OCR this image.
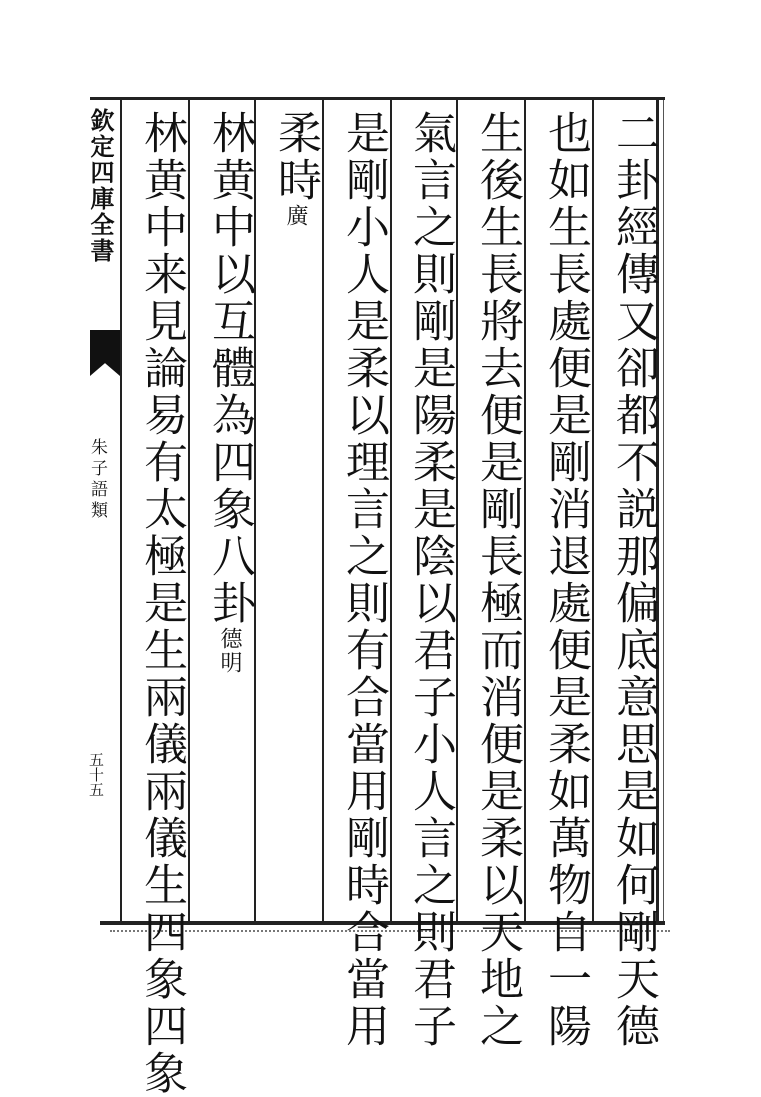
欽定四庫全書
朱子語類
五十五	二卦經傳又卻都不説那偏底意思是如何剛天德
也如生長處便是剛消退處便是柔如萬物自一陽
生後生長將去便是剛長極而消便是柔以天地之
氣言之則剛是陽柔是陰以君子小人言之則君子
是剛小人是柔以理言之則有合當用剛時合當用
柔時廣
林黄中以互體為四象八卦德明
林黄中来見論易有太極是生兩儀兩儀生四象四象
